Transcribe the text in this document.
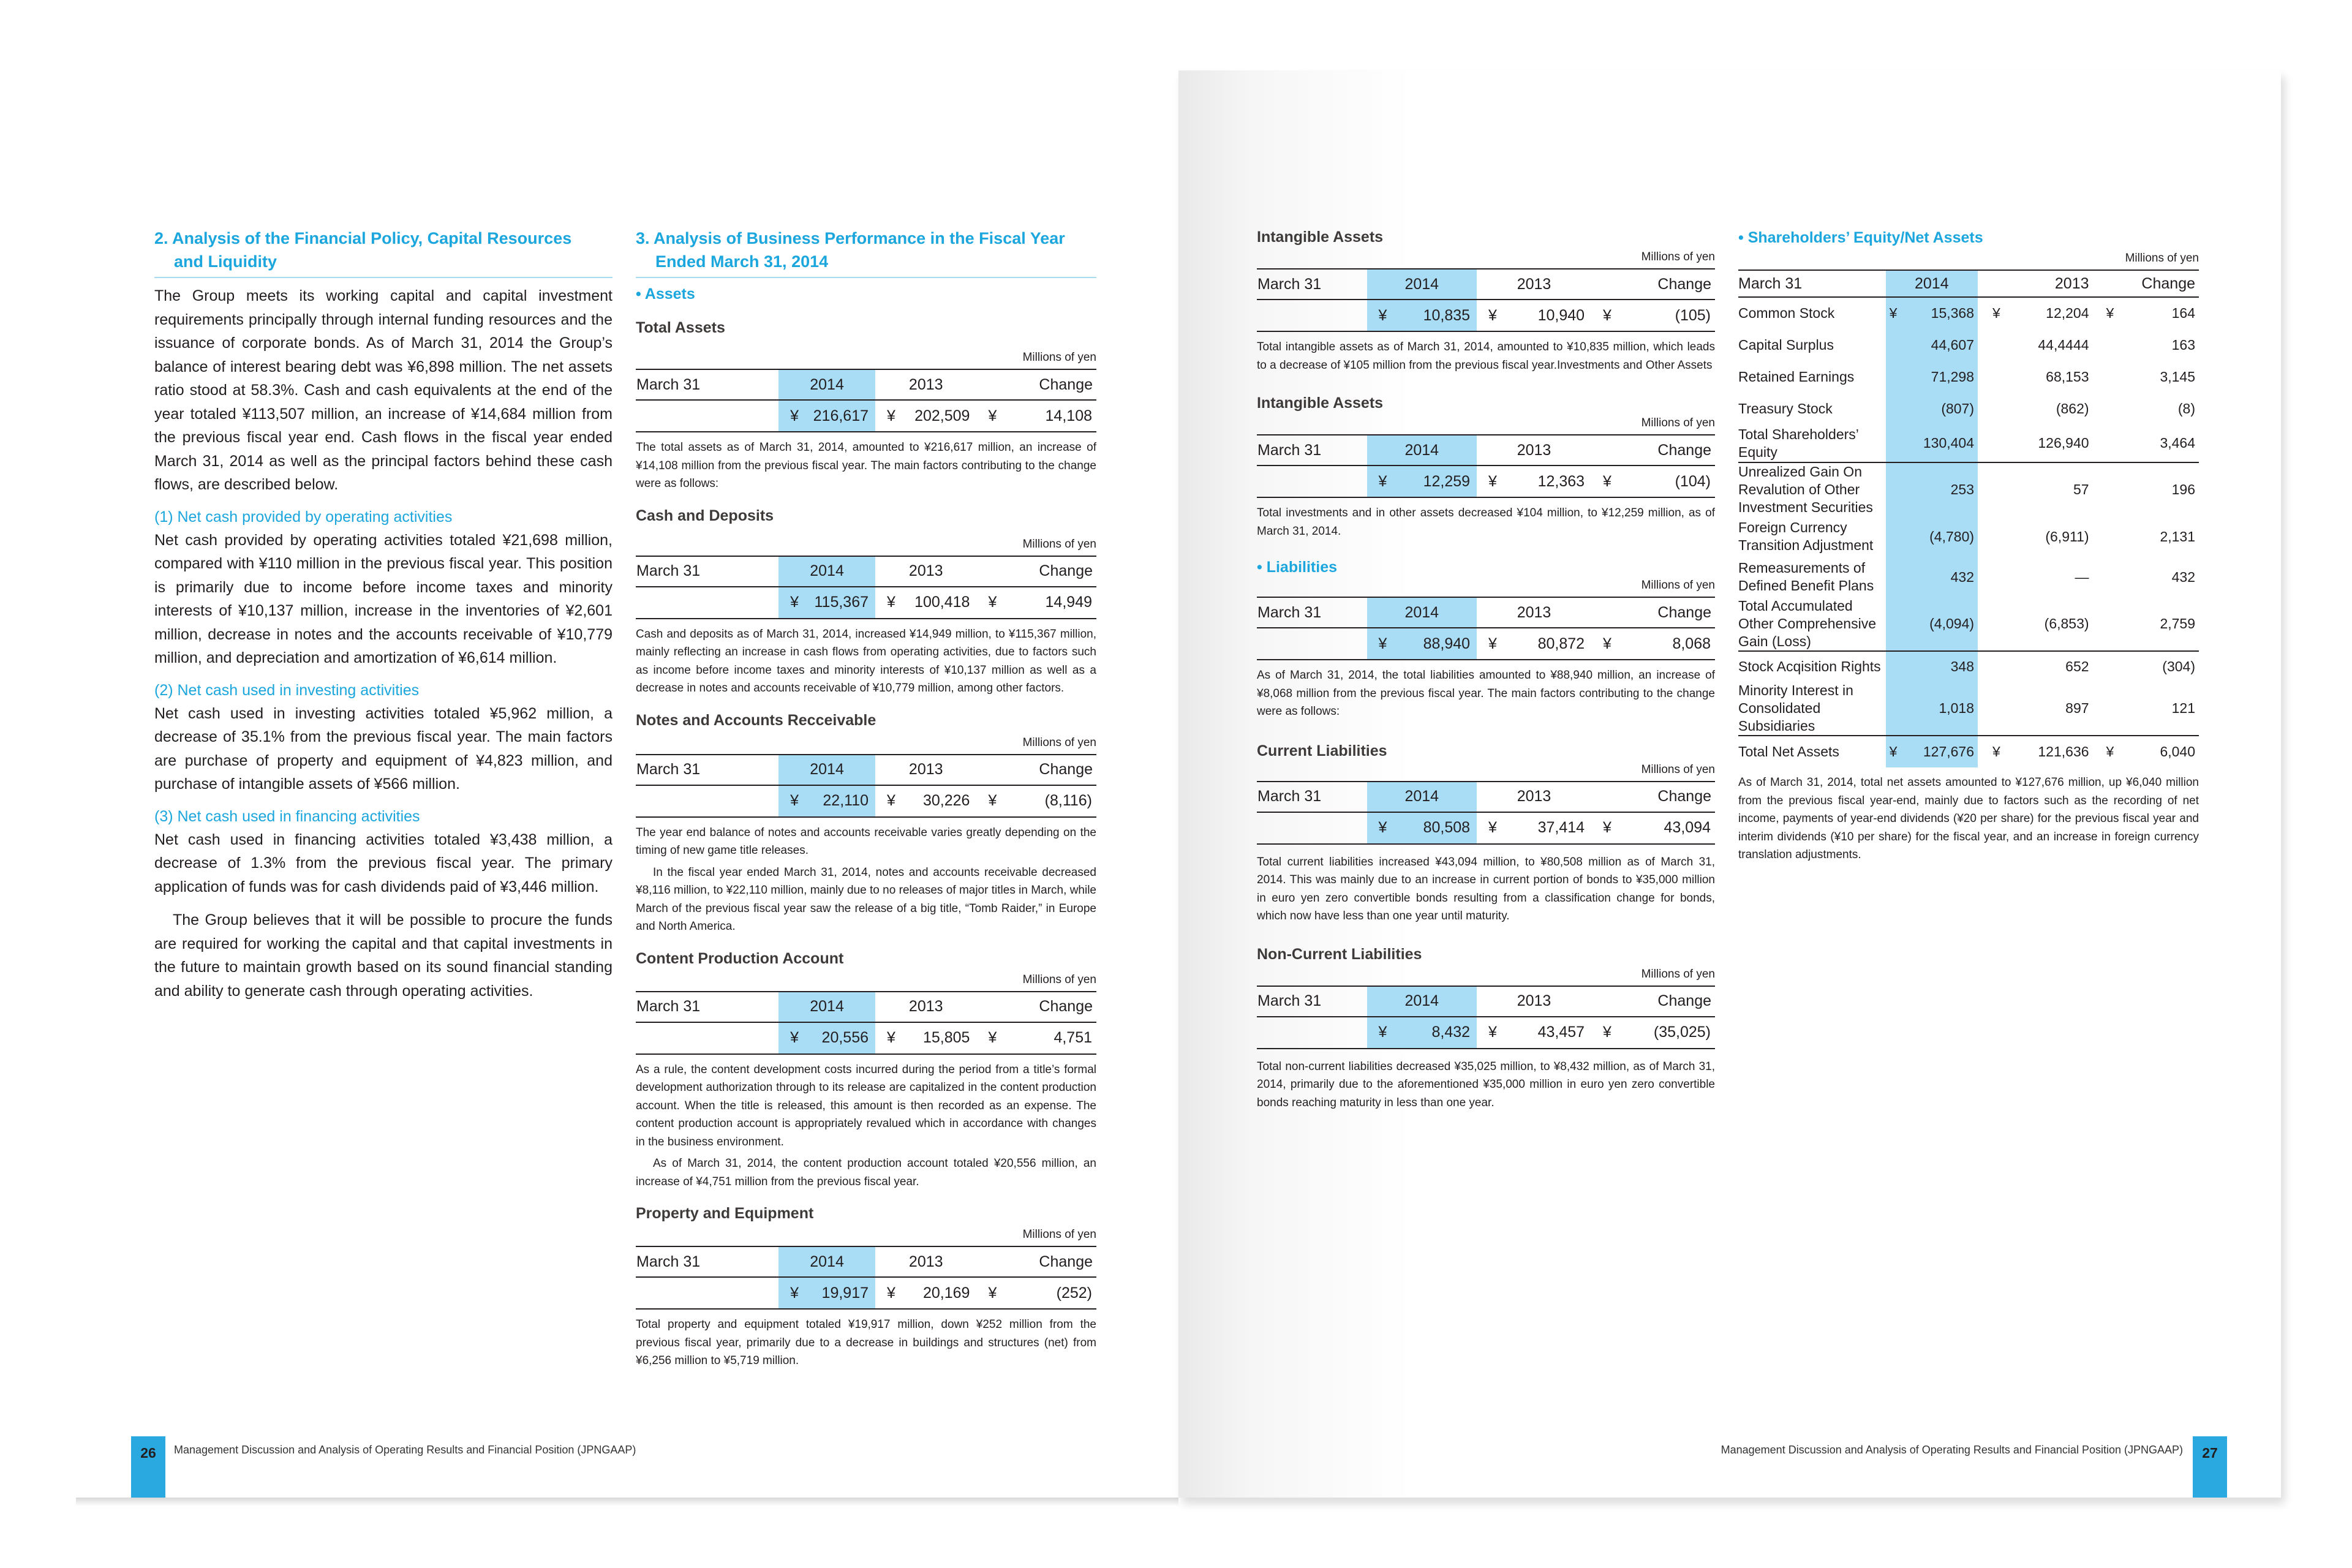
2. Analysis of the Financial Policy, Capital Resources
and Liquidity

The Group meets its working capital and capital investment requirements principally through internal funding resources and the issuance of corporate bonds. As of March 31, 2014 the Group’s balance of interest bearing debt was ¥6,898 million. The net assets ratio stood at 58.3%. Cash and cash equivalents at the end of the year totaled ¥113,507 million, an increase of ¥14,684 million from the previous fiscal year end. Cash flows in the fiscal year ended March 31, 2014 as well as the principal factors behind these cash flows, are described below.

(1) Net cash provided by operating activities

Net cash provided by operating activities totaled ¥21,698 million, compared with ¥110 million in the previous fiscal year. This position is primarily due to income before income taxes and minority interests of ¥10,137 million, increase in the inventories of ¥2,601 million, decrease in notes and the accounts receivable of ¥10,779 million, and depreciation and amortization of ¥6,614 million.

(2) Net cash used in investing activities

Net cash used in investing activities totaled ¥5,962 million, a decrease of 35.1% from the previous fiscal year. The main factors are purchase of property and equipment of ¥4,823 million, and purchase of intangible assets of ¥566 million.

(3) Net cash used in financing activities

Net cash used in financing activities totaled ¥3,438 million, a decrease of 1.3% from the previous fiscal year. The primary application of funds was for cash dividends paid of ¥3,446 million.

The Group believes that it will be possible to procure the funds are required for working the capital and that capital investments in the future to maintain growth based on its sound financial standing and ability to generate cash through operating activities.

3. Analysis of Business Performance in the Fiscal Year
Ended March 31, 2014

• Assets

Total Assets

Millions of yen

March 31	2014	2013	Change

	¥ 216,617	¥ 202,509	¥ 14,108

The total assets as of March 31, 2014, amounted to ¥216,617 million, an increase of ¥14,108 million from the previous fiscal year. The main factors contributing to the change were as follows:

Cash and Deposits

Millions of yen

March 31	2014	2013	Change

	¥ 115,367	¥ 100,418	¥ 14,949

Cash and deposits as of March 31, 2014, increased ¥14,949 million, to ¥115,367 million, mainly reflecting an increase in cash flows from operating activities, due to factors such as income before income taxes and minority interests of ¥10,137 million as well as a decrease in notes and accounts receivable of ¥10,779 million, among other factors.

Notes and Accounts Recceivable

Millions of yen

March 31	2014	2013	Change

	¥ 22,110	¥ 30,226	¥ (8,116)

The year end balance of notes and accounts receivable varies greatly depending on the timing of new game title releases.

In the fiscal year ended March 31, 2014, notes and accounts receivable decreased ¥8,116 million, to ¥22,110 million, mainly due to no releases of major titles in March, while March of the previous fiscal year saw the release of a big title, “Tomb Raider,” in Europe and North America.

Content Production Account

Millions of yen

March 31	2014	2013	Change

	¥ 20,556	¥ 15,805	¥ 4,751

As a rule, the content development costs incurred during the period from a title’s formal development authorization through to its release are capitalized in the content production account. When the title is released, this amount is then recorded as an expense. The content production account is appropriately revalued which in accordance with changes in the business environment.

As of March 31, 2014, the content production account totaled ¥20,556 million, an increase of ¥4,751 million from the previous fiscal year.

Property and Equipment

Millions of yen

March 31	2014	2013	Change

	¥ 19,917	¥ 20,169	¥ (252)

Total property and equipment totaled ¥19,917 million, down ¥252 million from the previous fiscal year, primarily due to a decrease in buildings and structures (net) from ¥6,256 million to ¥5,719 million.

26	Management Discussion and Analysis of Operating Results and Financial Position (JPNGAAP)

Intangible Assets

Millions of yen

March 31	2014	2013	Change

	¥ 10,835	¥ 10,940	¥ (105)

Total intangible assets as of March 31, 2014, amounted to ¥10,835 million, which leads to a decrease of ¥105 million from the previous fiscal year.Investments and Other Assets

Intangible Assets

Millions of yen

March 31	2014	2013	Change

	¥ 12,259	¥ 12,363	¥ (104)

Total investments and in other assets decreased ¥104 million, to ¥12,259 million, as of March 31, 2014.

• Liabilities

Millions of yen

March 31	2014	2013	Change

	¥ 88,940	¥ 80,872	¥ 8,068

As of March 31, 2014, the total liabilities amounted to ¥88,940 million, an increase of ¥8,068 million from the previous fiscal year. The main factors contributing to the change were as follows:

Current Liabilities

Millions of yen

March 31	2014	2013	Change

	¥ 80,508	¥ 37,414	¥ 43,094

Total current liabilities increased ¥43,094 million, to ¥80,508 million as of March 31, 2014. This was mainly due to an increase in current portion of bonds to ¥35,000 million in euro yen zero convertible bonds resulting from a classification change for bonds, which now have less than one year until maturity.

Non-Current Liabilities

Millions of yen

March 31	2014	2013	Change

	¥ 8,432	¥ 43,457	¥ (35,025)

Total non-current liabilities decreased ¥35,025 million, to ¥8,432 million, as of March 31, 2014, primarily due to the aforementioned ¥35,000 million in euro yen zero convertible bonds reaching maturity in less than one year.

• Shareholders’ Equity/Net Assets

Millions of yen

March 31	2014	2013	Change
Common Stock	¥ 15,368	¥ 12,204	¥ 164

Capital Surplus	44,607	44,4444	163
Retained Earnings	71,298	68,153	3,145
Treasury Stock	(807)	(862)	(8)
Total Shareholders’ Equity	130,404	126,940	3,464
Unrealized Gain On Revalution of Other Investment Securities	253	57	196
Foreign Currency Transition Adjustment	(4,780)	(6,911)	2,131
Remeasurements of Defined Benefit Plans	432	—	432
Total Accumulated Other Comprehensive Gain (Loss)	(4,094)	(6,853)	2,759
Stock Acqisition Rights	348	652	(304)
Minority Interest in Consolidated Subsidiaries	1,018	897	121
Total Net Assets	¥ 127,676	¥ 121,636	¥ 6,040

As of March 31, 2014, total net assets amounted to ¥127,676 million, up ¥6,040 million from the previous fiscal year-end, mainly due to factors such as the recording of net income, payments of year-end dividends (¥20 per share) for the previous fiscal year and interim dividends (¥10 per share) for the fiscal year, and an increase in foreign currency translation adjustments.

Management Discussion and Analysis of Operating Results and Financial Position (JPNGAAP)	27
